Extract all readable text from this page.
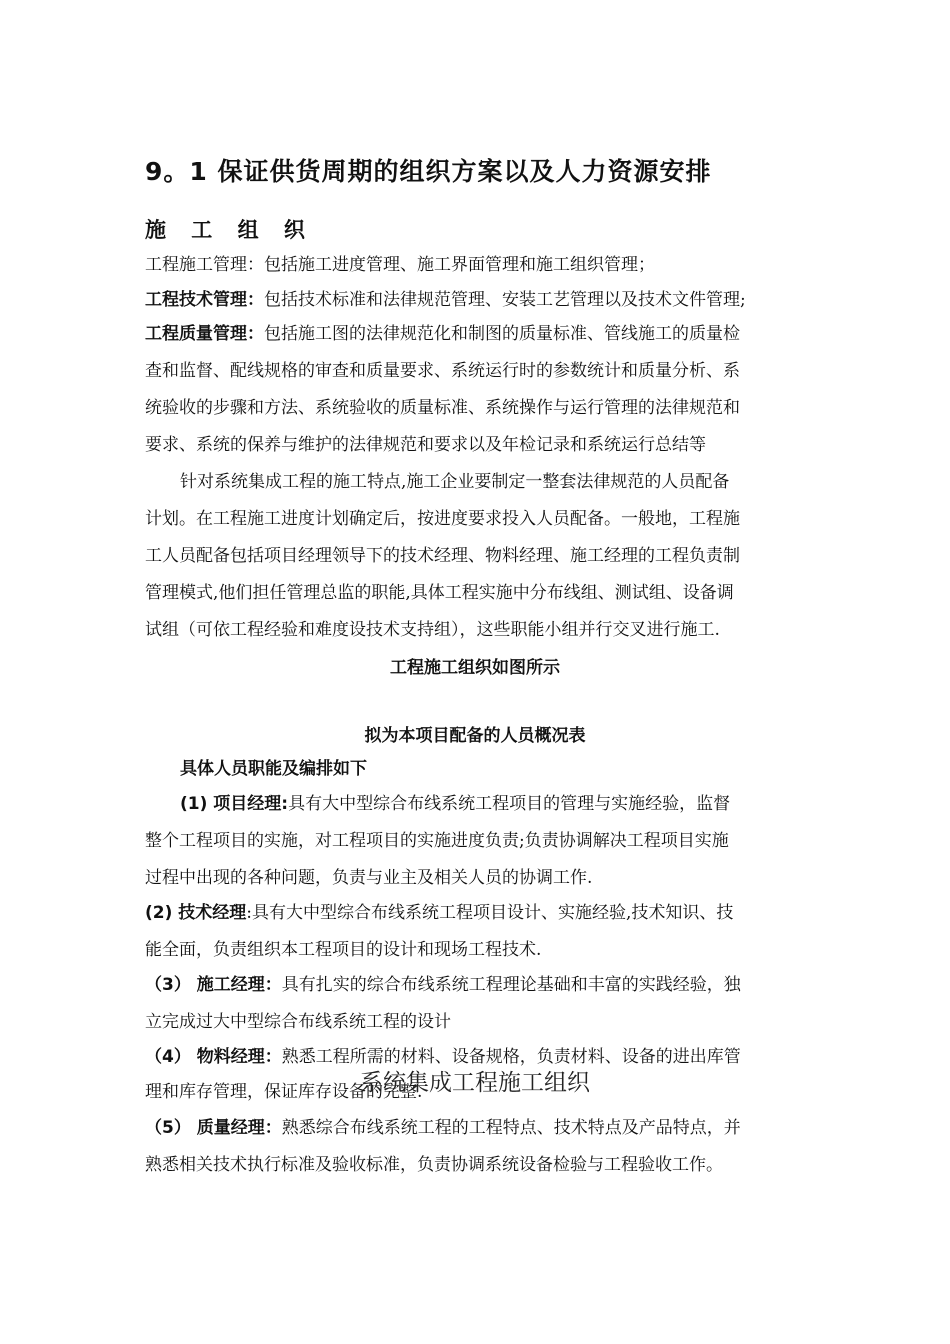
9。1 保证供货周期的组织方案以及人力资源安排
施 工 组 织
工程施工管理：包括施工进度管理、施工界面管理和施工组织管理；
工程技术管理：包括技术标准和法律规范管理、安装工艺管理以及技术文件管理;
工程质量管理：包括施工图的法律规范化和制图的质量标准、管线施工的质量检
查和监督、配线规格的审查和质量要求、系统运行时的参数统计和质量分析、系
统验收的步骤和方法、系统验收的质量标准、系统操作与运行管理的法律规范和
要求、系统的保养与维护的法律规范和要求以及年检记录和系统运行总结等
针对系统集成工程的施工特点,施工企业要制定一整套法律规范的人员配备
计划。在工程施工进度计划确定后，按进度要求投入人员配备。一般地，工程施
工人员配备包括项目经理领导下的技术经理、物料经理、施工经理的工程负责制
管理模式,他们担任管理总监的职能,具体工程实施中分布线组、测试组、设备调
试组（可依工程经验和难度设技术支持组），这些职能小组并行交叉进行施工.
工程施工组织如图所示
拟为本项目配备的人员概况表
具体人员职能及编排如下
(1) 项目经理:具有大中型综合布线系统工程项目的管理与实施经验，监督
整个工程项目的实施，对工程项目的实施进度负责;负责协调解决工程项目实施
过程中出现的各种问题，负责与业主及相关人员的协调工作.
(2) 技术经理:具有大中型综合布线系统工程项目设计、实施经验,技术知识、技
能全面，负责组织本工程项目的设计和现场工程技术.
（3） 施工经理：具有扎实的综合布线系统工程理论基础和丰富的实践经验，独
立完成过大中型综合布线系统工程的设计
（4） 物料经理：熟悉工程所需的材料、设备规格，负责材料、设备的进出库管
理和库存管理，保证库存设备的完整.
系统集成工程施工组织
（5） 质量经理：熟悉综合布线系统工程的工程特点、技术特点及产品特点，并
熟悉相关技术执行标准及验收标准，负责协调系统设备检验与工程验收工作。
